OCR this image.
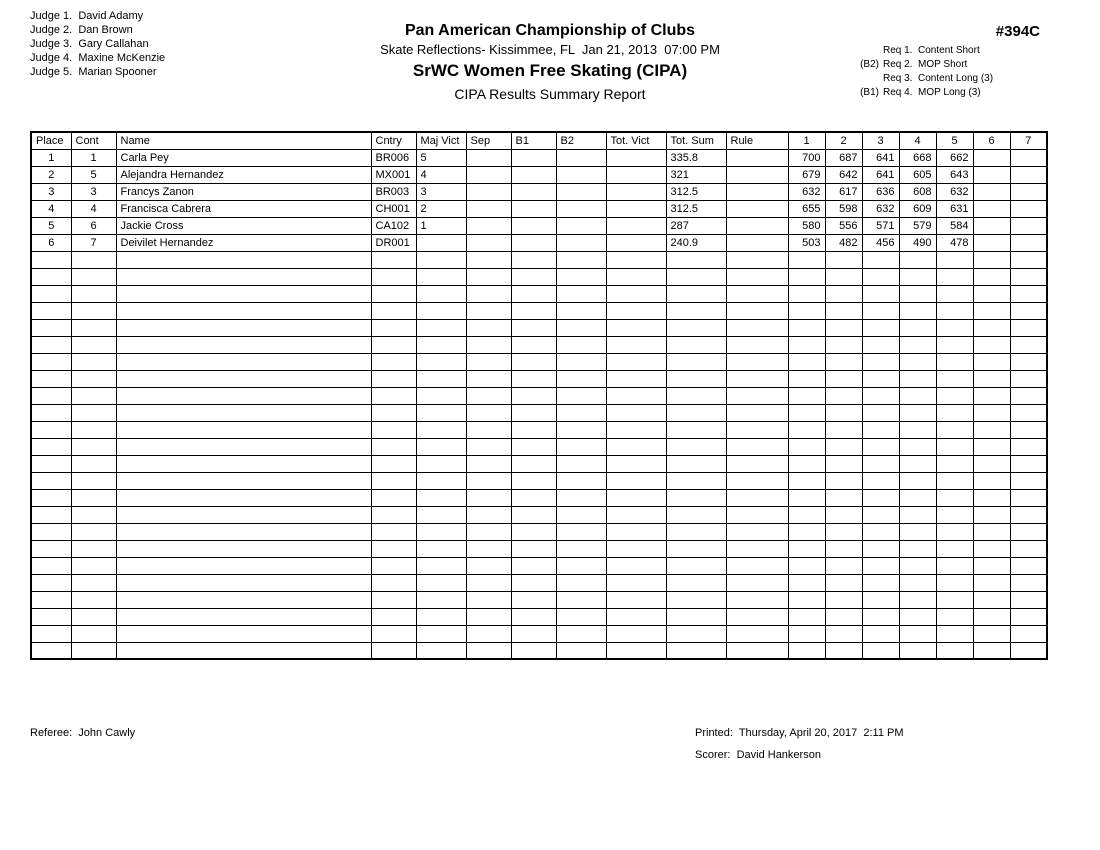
Judge 1.  David Adamy
Judge 2.  Dan Brown
Judge 3.  Gary Callahan
Judge 4.  Maxine McKenzie
Judge 5.  Marian Spooner
Pan American Championship of Clubs
Skate Reflections- Kissimmee, FL  Jan 21, 2013  07:00 PM
SrWC Women Free Skating (CIPA)
CIPA Results Summary Report
#394C
Req 1.  Content Short
(B2) Req 2.  MOP Short
Req 3.  Content Long (3)
(B1) Req 4.  MOP Long (3)
Place	Cont	Name	Cntry	Maj Vict	Sep	B1	B2	Tot. Vict	Tot. Sum	Rule	1	2	3	4	5	6	7
1	1	Carla Pey	BR006	5					335.8		700	687	641	668	662		
2	5	Alejandra Hernandez	MX001	4					321		679	642	641	605	643		
3	3	Francys Zanon	BR003	3					312.5		632	617	636	608	632		
4	4	Francisca Cabrera	CH001	2					312.5		655	598	632	609	631		
5	6	Jackie Cross	CA102	1					287		580	556	571	579	584		
6	7	Deivilet Hernandez	DR001						240.9		503	482	456	490	478		

Referee:  John Cawly	Printed:  Thursday, April 20, 2017  2:11 PM
Scorer:  David Hankerson
